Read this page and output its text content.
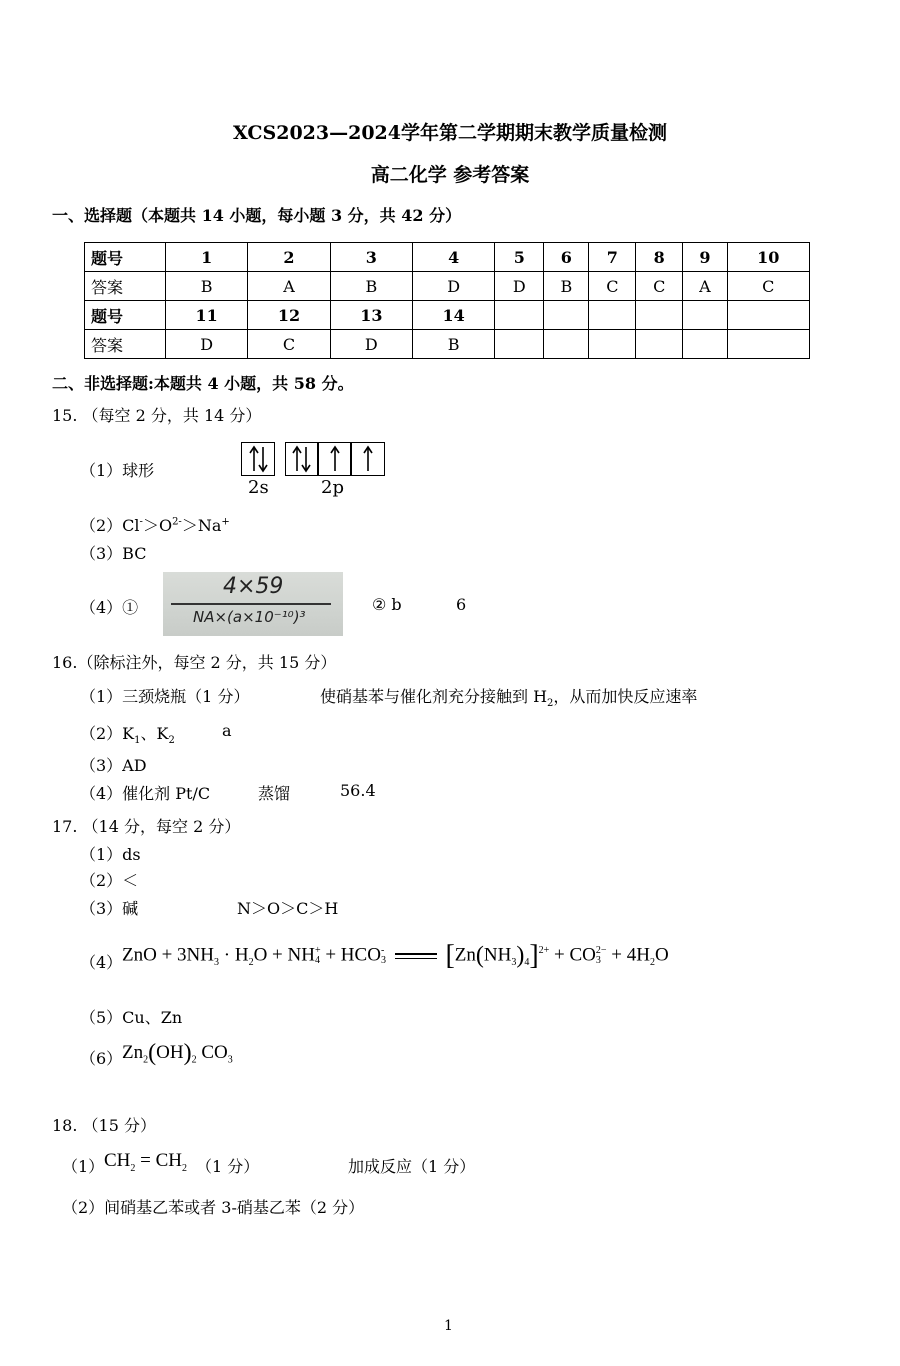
XCS2023—2024学年第二学期期末教学质量检测
高二化学 参考答案
一、选择题（本题共 14 小题，每小题 3 分，共 42 分）
题号	1	2	3	4	5	6	7	8	9	10
答案	B	A	B	D	D	B	C	C	A	C
题号	11	12	13	14						
答案	D	C	D	B						
二、非选择题:本题共 4 小题，共 58 分。
15. （每空 2 分，共 14 分）
（1）球形
2s	2p
$(2)Cl^->O^{2-}>Na^+$
（3）BC
（4）①
4×59
NA×(a×10⁻¹⁰)³
② b	6
16.（除标注外，每空 2 分，共 15 分）
（1）三颈烧瓶（1 分）	使硝基苯与催化剂充分接触到 $H_2$，从而加快反应速率
$(2)K_1$、$K_2$
a
（3）AD
（4）催化剂 Pt/C	蒸馏	56.4
17. （14 分，每空 2 分）
（1）ds
（2）＜
（3）碱	N＞O＞C＞H
（4） ZnO + $3NH_3 \cdot H_2O$ + NH +
4 + HCO -
3
$[Zn(NH_3)_4]^{2+}$ + CO 2−
$3 + 4H_2O$
（5）Cu、Zn
（6） $Zn_2(OH)_2$ $CO_3$
18. （15 分）
（1） $CH_2 = CH_2$ （1 分）	加成反应（1 分）
（2）间硝基乙苯或者 3-硝基乙苯（2 分）
1
